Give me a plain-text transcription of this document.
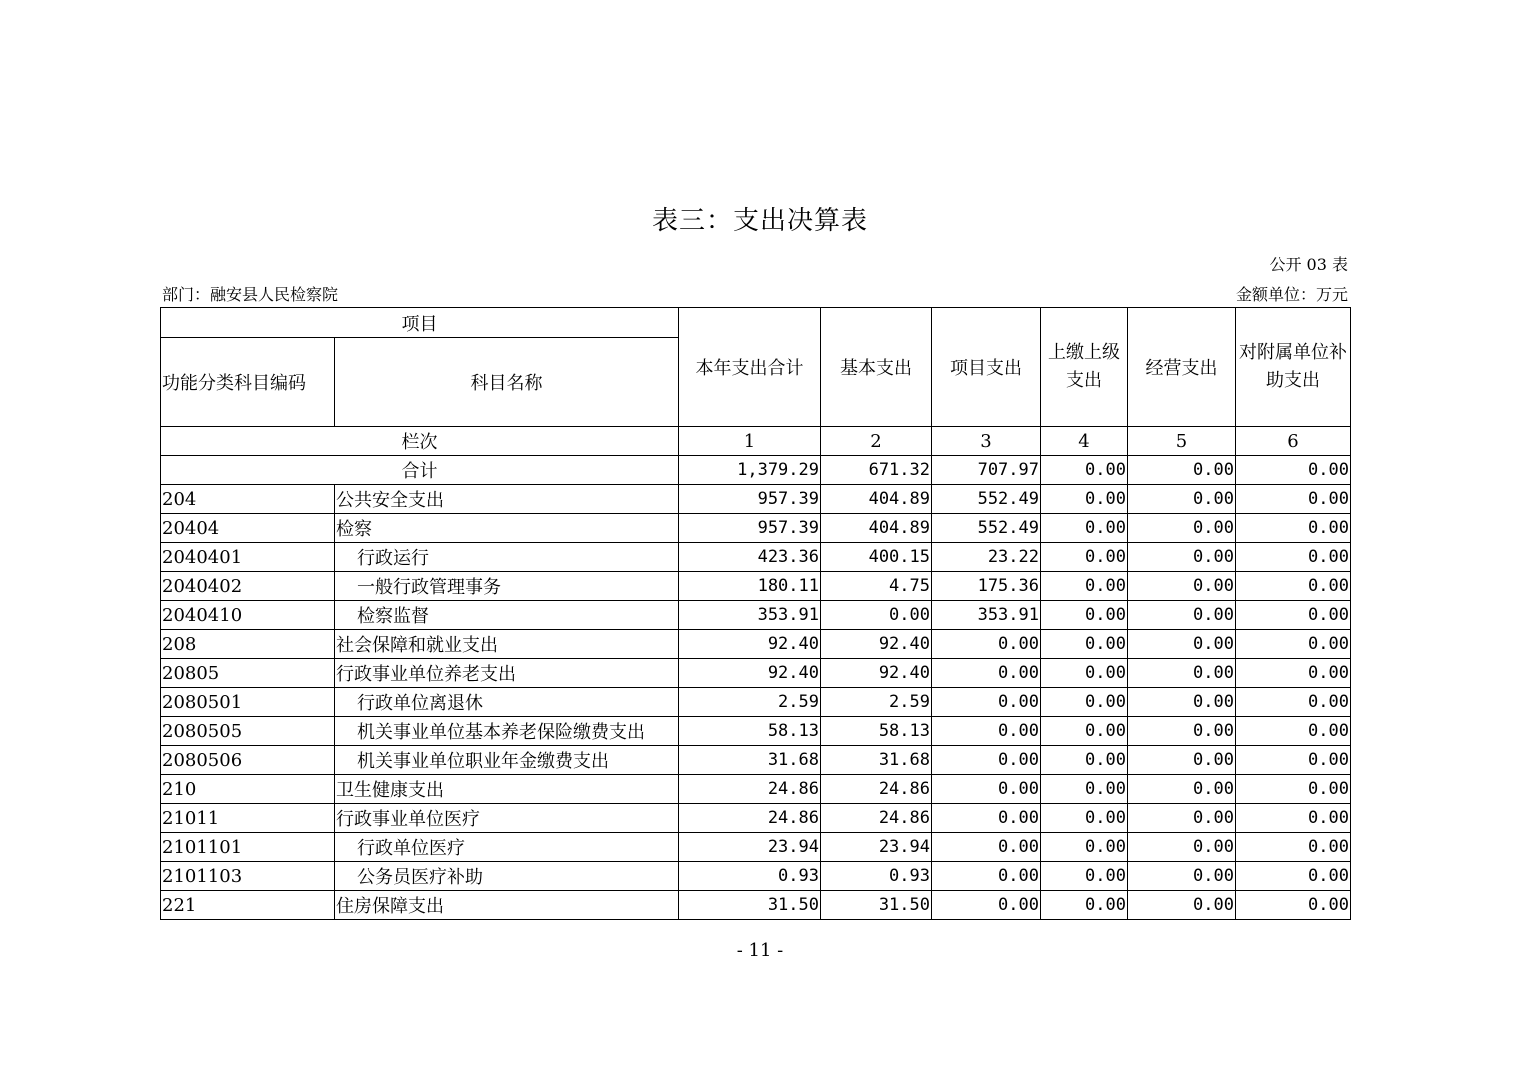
表三：支出决算表
公开 03 表
部门：融安县人民检察院	金额单位：万元
项目		本年支出合计	基本支出	项目支出	上缴上级支出	经营支出	对附属单位补助支出
功能分类科目编码	科目名称						
栏次		1	2	3	4	5	6
合计		1,379.29	671.32	707.97	0.00	0.00	0.00
204	公共安全支出	957.39	404.89	552.49	0.00	0.00	0.00
20404	检察	957.39	404.89	552.49	0.00	0.00	0.00
2040401	行政运行	423.36	400.15	23.22	0.00	0.00	0.00
2040402	一般行政管理事务	180.11	4.75	175.36	0.00	0.00	0.00
2040410	检察监督	353.91	0.00	353.91	0.00	0.00	0.00
208	社会保障和就业支出	92.40	92.40	0.00	0.00	0.00	0.00
20805	行政事业单位养老支出	92.40	92.40	0.00	0.00	0.00	0.00
2080501	行政单位离退休	2.59	2.59	0.00	0.00	0.00	0.00
2080505	机关事业单位基本养老保险缴费支出	58.13	58.13	0.00	0.00	0.00	0.00
2080506	机关事业单位职业年金缴费支出	31.68	31.68	0.00	0.00	0.00	0.00
210	卫生健康支出	24.86	24.86	0.00	0.00	0.00	0.00
21011	行政事业单位医疗	24.86	24.86	0.00	0.00	0.00	0.00
2101101	行政单位医疗	23.94	23.94	0.00	0.00	0.00	0.00
2101103	公务员医疗补助	0.93	0.93	0.00	0.00	0.00	0.00
221	住房保障支出	31.50	31.50	0.00	0.00	0.00	0.00
- 11 -
